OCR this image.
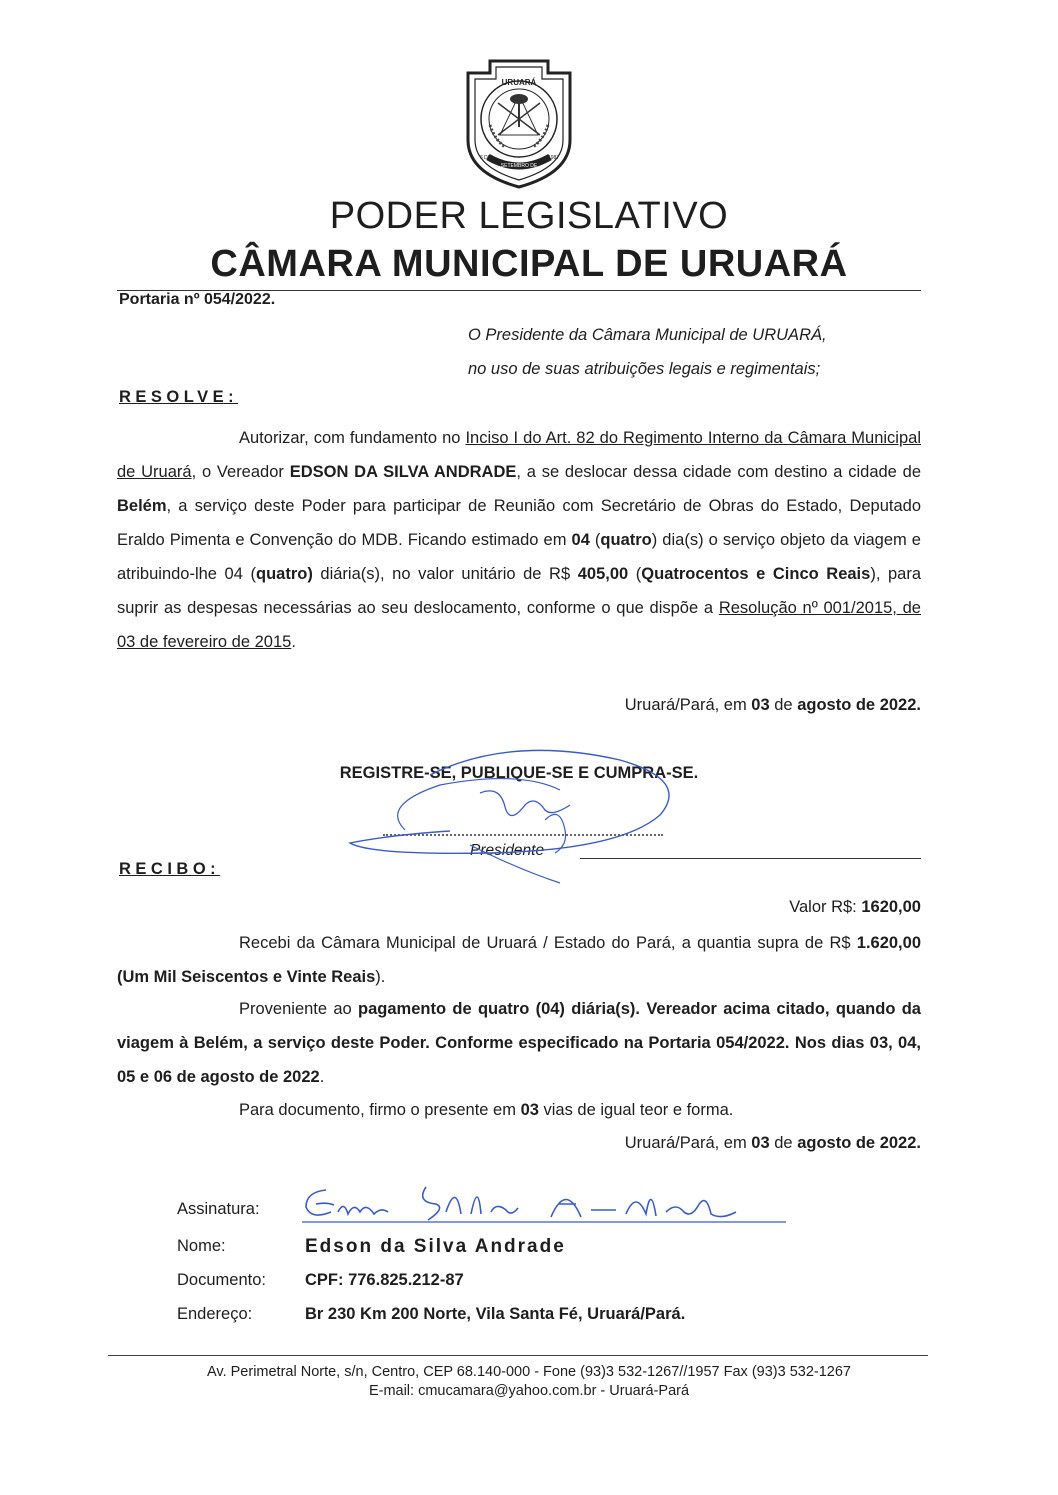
URUARÁ
SETEMBRO DE
6 DE	1987
PODER LEGISLATIVO
CÂMARA MUNICIPAL DE URUARÁ
Portaria nº 054/2022.
O Presidente da Câmara Municipal de URUARÁ,
no uso de suas atribuições legais e regimentais;
RESOLVE:
Autorizar, com fundamento no Inciso I do Art. 82 do Regimento Interno da Câmara Municipal de Uruará, o Vereador EDSON DA SILVA ANDRADE, a se deslocar dessa cidade com destino a cidade de Belém, a serviço deste Poder para participar de Reunião com Secretário de Obras do Estado, Deputado Eraldo Pimenta e Convenção do MDB. Ficando estimado em 04 (quatro) dia(s) o serviço objeto da viagem e atribuindo-lhe 04 (quatro) diária(s), no valor unitário de R$ 405,00 (Quatrocentos e Cinco Reais), para suprir as despesas necessárias ao seu deslocamento, conforme o que dispõe a Resolução nº 001/2015, de 03 de fevereiro de 2015.
Uruará/Pará, em 03 de agosto de 2022.
REGISTRE-SE, PUBLIQUE-SE E CUMPRA-SE.
Presidente
RECIBO:
Valor R$: 1620,00
Recebi da Câmara Municipal de Uruará / Estado do Pará, a quantia supra de R$ 1.620,00 (Um Mil Seiscentos e Vinte Reais).
Proveniente ao pagamento de quatro (04) diária(s). Vereador acima citado, quando da viagem à Belém, a serviço deste Poder. Conforme especificado na Portaria 054/2022. Nos dias 03, 04, 05 e 06 de agosto de 2022.
Para documento, firmo o presente em 03 vias de igual teor e forma.
Uruará/Pará, em 03 de agosto de 2022.
Assinatura:
Nome:	Edson da Silva Andrade
Documento: CPF: 776.825.212-87
Endereço:	Br 230 Km 200 Norte, Vila Santa Fé, Uruará/Pará.
Av. Perimetral Norte, s/n, Centro, CEP 68.140-000 - Fone (93)3 532-1267//1957 Fax (93)3 532-1267
E-mail: cmucamara@yahoo.com.br - Uruará-Pará
